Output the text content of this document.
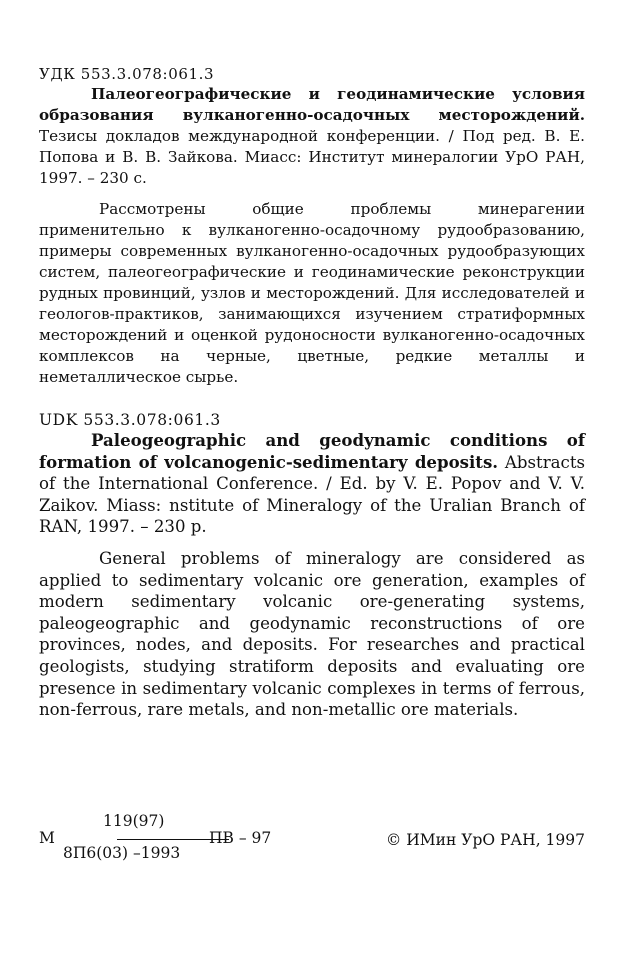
УДК 553.3.078:061.3

Палеогеографические и геодинамические условия образования вулканогенно-осадочных месторождений. Тезисы докладов международной конференции. / Под ред. В. Е. Попова и В. В. Зайкова. Миасс: Институт минералогии УрО РАН, 1997. – 230 с.

Рассмотрены общие проблемы минерагении применительно к вулканогенно-осадочному рудообразованию, примеры современных вулканогенно-осадочных рудообразующих систем, палеогеографические и геодинамические реконструкции рудных провинций, узлов и месторождений. Для исследователей и геологов-практиков, занимающихся изучением стратиформных месторождений и оценкой рудоносности вулканогенно-осадочных комплексов на черные, цветные, редкие металлы и неметаллическое сырье.

UDK 553.3.078:061.3

Paleogeographic and geodynamic conditions of formation of volcanogenic-sedimentary deposits. Abstracts of the International Conference. / Ed. by V. E. Popov and V. V. Zaikov. Miass: nstitute of Mineralogy of the Uralian Branch of RAN, 1997. – 230 p.

General problems of mineralogy are considered as applied to sedimentary volcanic ore generation, examples of modern sedimentary volcanic ore-generating systems, paleogeographic and geodynamic reconstructions of ore provinces, nodes, and deposits. For researches and practical geologists, studying stratiform deposits and evaluating ore presence in sedimentary volcanic complexes in terms of ferrous, non-ferrous, rare metals, and non-metallic ore materials.

М
119(97)
8П6(03) –1993
ПВ – 97	© ИМин УрО РАН, 1997
